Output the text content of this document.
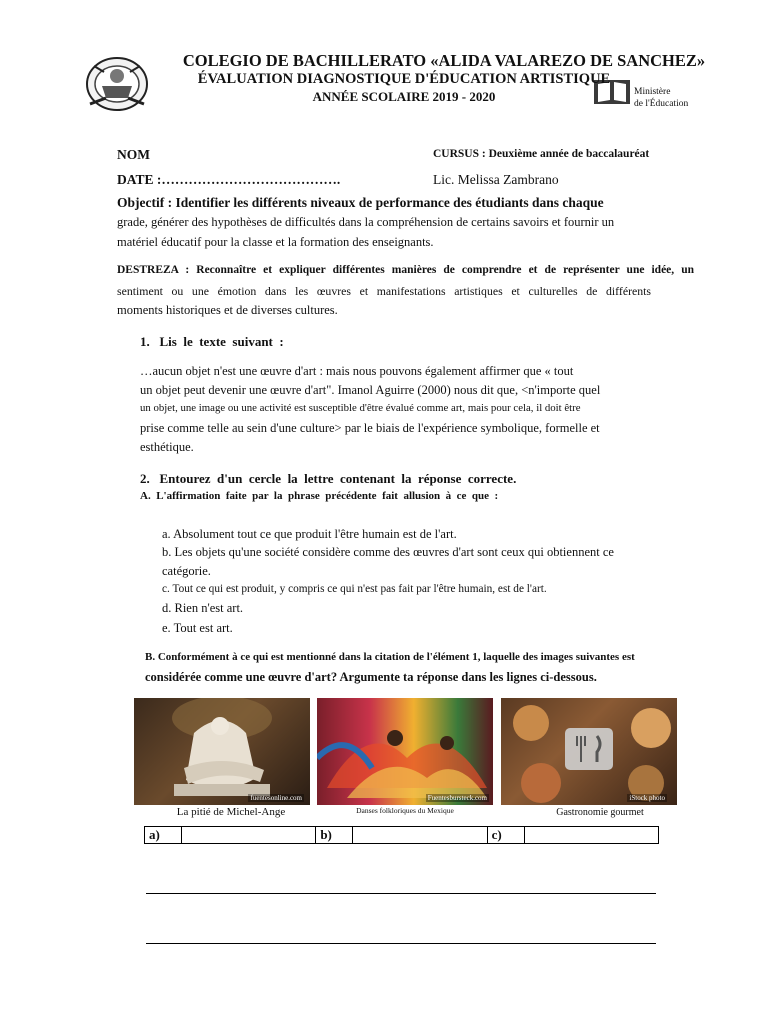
Ministère
de l'Éducation
COLEGIO DE BACHILLERATO «ALIDA VALAREZO DE SANCHEZ»
ÉVALUATION DIAGNOSTIQUE D'ÉDUCATION ARTISTIQUE
ANNÉE SCOLAIRE 2019 - 2020
NOM	CURSUS : Deuxième année de baccalauréat
DATE :………………………………….	Lic. Melissa Zambrano
Objectif : Identifier les différents niveaux de performance des étudiants dans chaque
grade, générer des hypothèses de difficultés dans la compréhension de certains savoirs et fournir un
matériel éducatif pour la classe et la formation des enseignants.
DESTREZA : Reconnaître et expliquer différentes manières de comprendre et de représenter une idée, un
sentiment ou une émotion dans les œuvres et manifestations artistiques et culturelles de différents
moments historiques et de diverses cultures.
1.   Lis  le  texte  suivant  :
…aucun objet n'est une œuvre d'art : mais nous pouvons également affirmer que « tout
un objet peut devenir une œuvre d'art". Imanol Aguirre (2000) nous dit que, <n'importe quel
un objet, une image ou une activité est susceptible d'être évalué comme art, mais pour cela, il doit être
prise comme telle au sein d'une culture> par le biais de l'expérience symbolique, formelle et
esthétique.
2.   Entourez  d'un  cercle  la  lettre  contenant  la  réponse  correcte.
A.  L'affirmation  faite  par  la  phrase  précédente  fait  allusion  à  ce  que  :
a. Absolument tout ce que produit l'être humain est de l'art.
b. Les objets qu'une société considère comme des œuvres d'art sont ceux qui obtiennent ce
catégorie.
c. Tout ce qui est produit, y compris ce qui n'est pas fait par l'être humain, est de l'art.
d. Rien n'est art.
e. Tout est art.
B. Conformément à ce qui est mentionné dans la citation de l'élément 1, laquelle des images suivantes est
considérée comme une œuvre d'art? Argumente ta réponse dans les lignes ci-dessous.
fuentesonline.com	Fuentesbursteck.com	iStock photo
La pitié de Michel-Ange	Danses folkloriques du Mexique	Gastronomie gourmet
a)		b)		c)	
